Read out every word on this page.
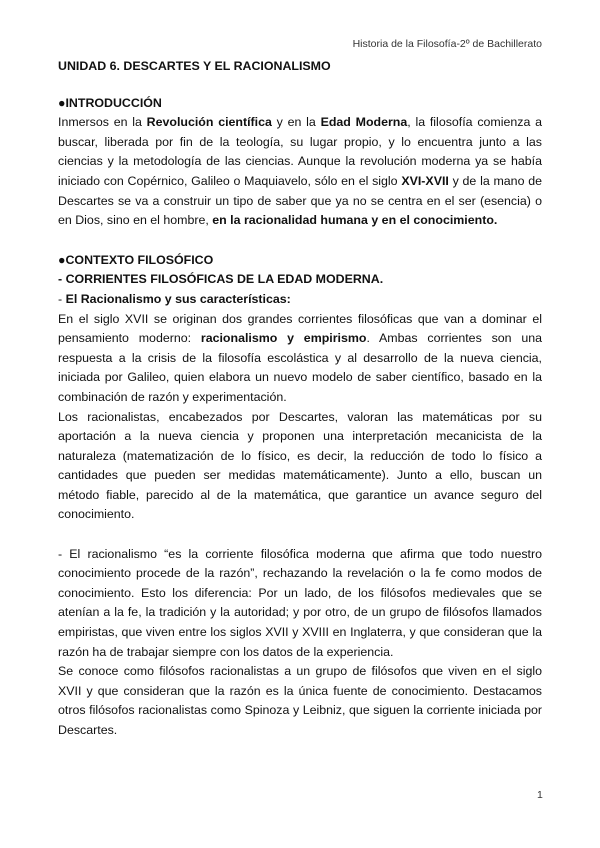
Historia de la Filosofía-2º de Bachillerato
UNIDAD 6. DESCARTES Y EL RACIONALISMO
●INTRODUCCIÓN

Inmersos en la Revolución científica y en la Edad Moderna, la filosofía comienza a buscar, liberada por fin de la teología, su lugar propio, y lo encuentra junto a las ciencias y la metodología de las ciencias. Aunque la revolución moderna ya se había iniciado con Copérnico, Galileo o Maquiavelo, sólo en el siglo XVI-XVII y de la mano de Descartes se va a construir un tipo de saber que ya no se centra en el ser (esencia) o en Dios, sino en el hombre, en la racionalidad humana y en el conocimiento.

●CONTEXTO FILOSÓFICO
- CORRIENTES FILOSÓFICAS DE LA EDAD MODERNA.
- El Racionalismo y sus características:

En el siglo XVII se originan dos grandes corrientes filosóficas que van a dominar el pensamiento moderno: racionalismo y empirismo. Ambas corrientes son una respuesta a la crisis de la filosofía escolástica y al desarrollo de la nueva ciencia, iniciada por Galileo, quien elabora un nuevo modelo de saber científico, basado en la combinación de razón y experimentación.

Los racionalistas, encabezados por Descartes, valoran las matemáticas por su aportación a la nueva ciencia y proponen una interpretación mecanicista de la naturaleza (matematización de lo físico, es decir, la reducción de todo lo físico a cantidades que pueden ser medidas matemáticamente). Junto a ello, buscan un método fiable, parecido al de la matemática, que garantice un avance seguro del conocimiento.

- El racionalismo “es la corriente filosófica moderna que afirma que todo nuestro conocimiento procede de la razón”, rechazando la revelación o la fe como modos de conocimiento. Esto los diferencia: Por un lado, de los filósofos medievales que se atenían a la fe, la tradición y la autoridad; y por otro, de un grupo de filósofos llamados empiristas, que viven entre los siglos XVII y XVIII en Inglaterra, y que consideran que la razón ha de trabajar siempre con los datos de la experiencia.

Se conoce como filósofos racionalistas a un grupo de filósofos que viven en el siglo XVII y que consideran que la razón es la única fuente de conocimiento. Destacamos otros filósofos racionalistas como Spinoza y Leibniz, que siguen la corriente iniciada por Descartes.

1
